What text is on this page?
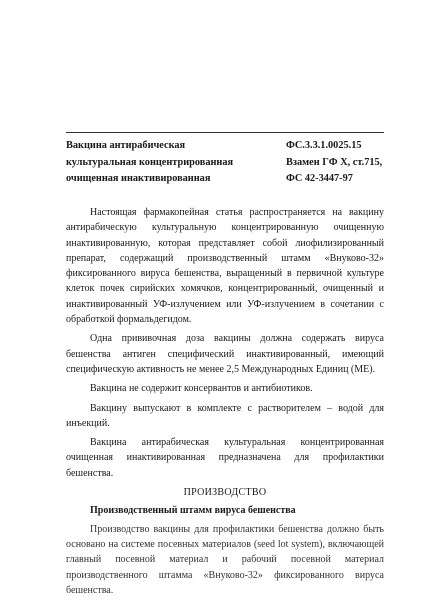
Вакцина антирабическая
культуральная концентрированная
очищенная инактивированная
ФС.3.3.1.0025.15
Взамен ГФ X, ст.715,
ФС 42-3447-97

Настоящая фармакопейная статья распространяется на вакцину антирабическую культуральную концентрированную очищенную инактивированную, которая представляет собой лиофилизированный препарат, содержащий производственный штамм «Внуково-32» фиксированного вируса бешенства, выращенный в первичной культуре клеток почек сирийских хомячков, концентрированный, очищенный и инактивированный УФ-излучением или УФ-излучением в сочетании с обработкой формальдегидом.

Одна прививочная доза вакцины должна содержать вируса бешенства антиген специфический инактивированный, имеющий специфическую активность не менее 2,5 Международных Единиц (МЕ).

Вакцина не содержит консервантов и антибиотиков.

Вакцину выпускают в комплекте с растворителем – водой для инъекций.

Вакцина антирабическая культуральная концентрированная очищенная инактивированная предназначена для профилактики бешенства.

ПРОИЗВОДСТВО
Производственный штамм вируса бешенства

Производство вакцины для профилактики бешенства должно быть основано на системе посевных материалов (seed lot system), включающей главный посевной материал и рабочий посевной материал производственного штамма «Внуково-32» фиксированного вируса бешенства.
